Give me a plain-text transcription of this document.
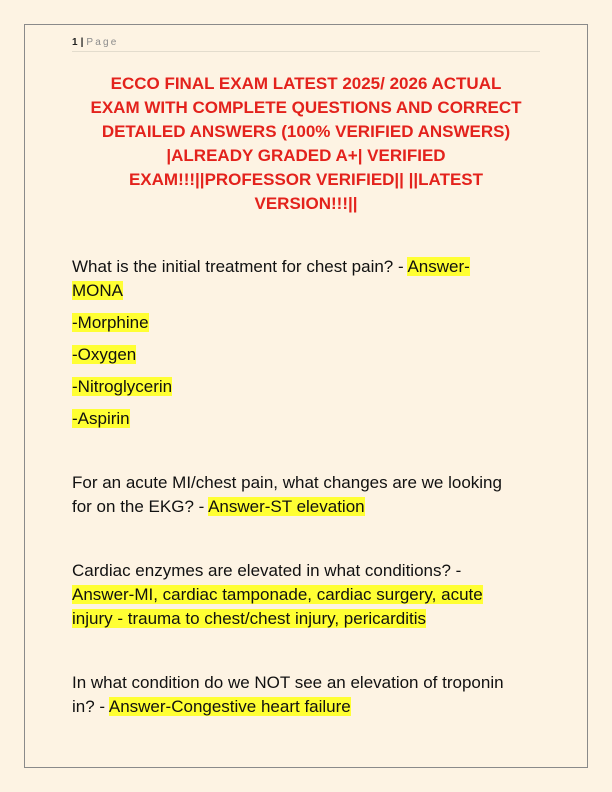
1 | Page
ECCO FINAL EXAM LATEST 2025/ 2026 ACTUAL
EXAM WITH COMPLETE QUESTIONS AND CORRECT
DETAILED ANSWERS (100% VERIFIED ANSWERS)
|ALREADY GRADED A+| VERIFIED
EXAM!!!||PROFESSOR VERIFIED|| ||LATEST
VERSION!!!||
What is the initial treatment for chest pain? - Answer-
MONA
-Morphine
-Oxygen
-Nitroglycerin
-Aspirin
For an acute MI/chest pain, what changes are we looking
for on the EKG? - Answer-ST elevation
Cardiac enzymes are elevated in what conditions? -
Answer-MI, cardiac tamponade, cardiac surgery, acute
injury - trauma to chest/chest injury, pericarditis
In what condition do we NOT see an elevation of troponin
in? - Answer-Congestive heart failure
